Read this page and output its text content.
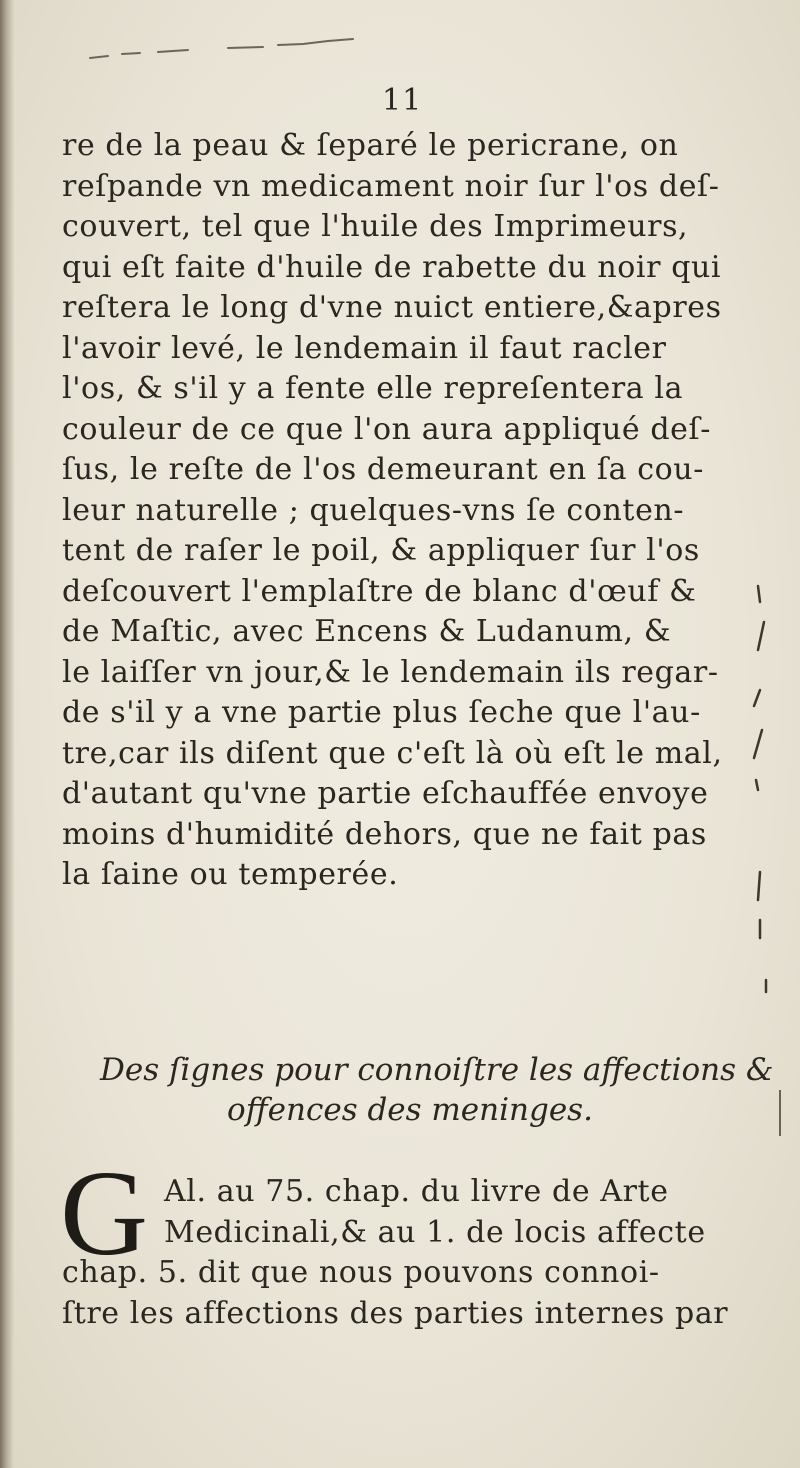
11
re de la peau & ſeparé le pericrane, on
reſpande vn medicament noir ſur l'os deſ-
couvert, tel que l'huile des Imprimeurs,
qui eſt faite d'huile de rabette du noir qui
reſtera le long d'vne nuict entiere,&apres
l'avoir levé, le lendemain il faut racler
l'os, & s'il y a fente elle repreſentera la
couleur de ce que l'on aura appliqué deſ-
ſus, le reſte de l'os demeurant en ſa cou-
leur naturelle ; quelques-vns ſe conten-
tent de raſer le poil, & appliquer ſur l'os
deſcouvert l'emplaſtre de blanc d'œuf &
de Maſtic, avec Encens & Ludanum, &
le laiſſer vn jour,& le lendemain ils regar-
de s'il y a vne partie plus ſeche que l'au-
tre,car ils diſent que c'eſt là où eſt le mal,
d'autant qu'vne partie eſchauffée envoye
moins d'humidité dehors, que ne fait pas
la ſaine ou temperée.
Des ſignes pour connoiſtre les affections &
offences des meninges.
G Al. au 75. chap. du livre de Arte
Medicinali,& au 1. de locis affecte
chap. 5. dit que nous pouvons connoi-
ſtre les affections des parties internes par
